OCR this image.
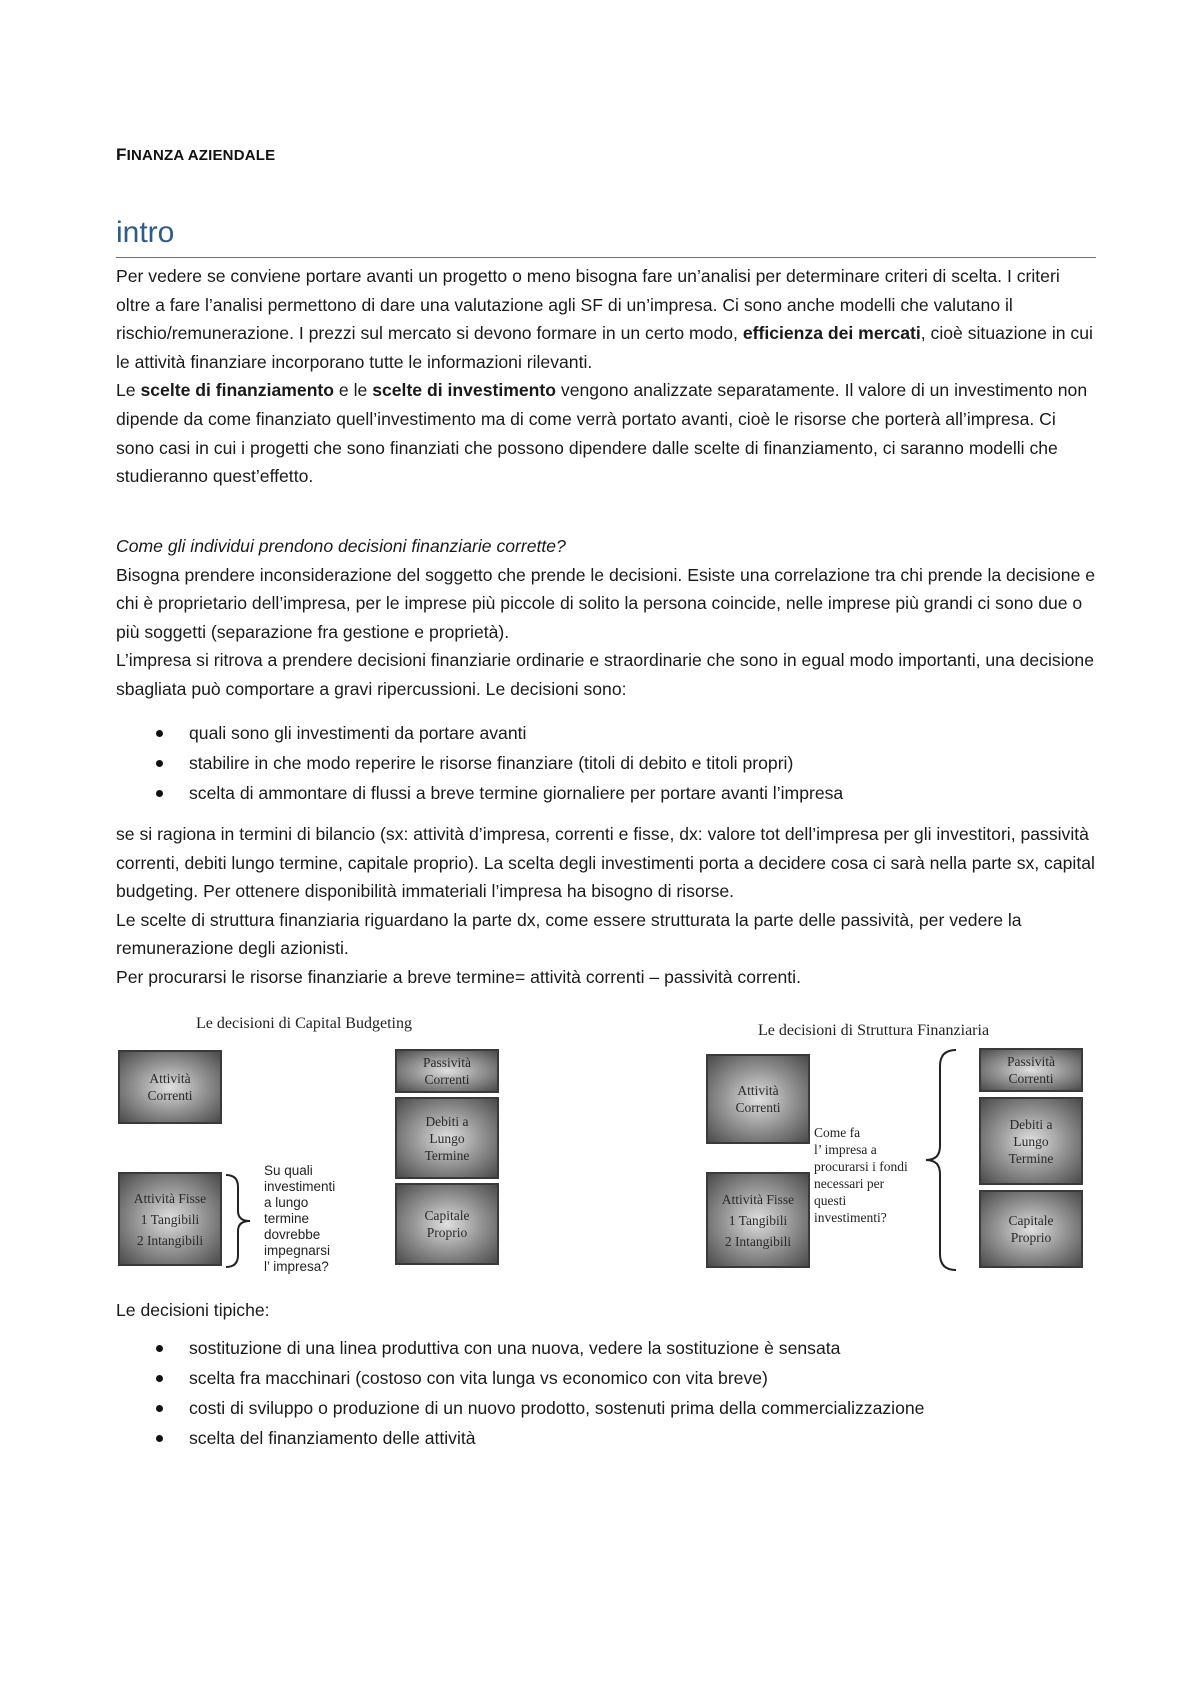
FINANZA AZIENDALE
intro

Per vedere se conviene portare avanti un progetto o meno bisogna fare un’analisi per determinare criteri di scelta. I criteri oltre a fare l’analisi permettono di dare una valutazione agli SF di un’impresa. Ci sono anche modelli che valutano il rischio/remunerazione. I prezzi sul mercato si devono formare in un certo modo, efficienza dei mercati, cioè situazione in cui le attività finanziare incorporano tutte le informazioni rilevanti.

Le scelte di finanziamento e le scelte di investimento vengono analizzate separatamente. Il valore di un investimento non dipende da come finanziato quell’investimento ma di come verrà portato avanti, cioè le risorse che porterà all’impresa. Ci sono casi in cui i progetti che sono finanziati che possono dipendere dalle scelte di finanziamento, ci saranno modelli che studieranno quest’effetto.

Come gli individui prendono decisioni finanziarie corrette?

Bisogna prendere inconsiderazione del soggetto che prende le decisioni. Esiste una correlazione tra chi prende la decisione e chi è proprietario dell’impresa, per le imprese più piccole di solito la persona coincide, nelle imprese più grandi ci sono due o più soggetti (separazione fra gestione e proprietà).

L’impresa si ritrova a prendere decisioni finanziarie ordinarie e straordinarie che sono in egual modo importanti, una decisione sbagliata può comportare a gravi ripercussioni. Le decisioni sono:

quali sono gli investimenti da portare avanti
stabilire in che modo reperire le risorse finanziare (titoli di debito e titoli propri)
scelta di ammontare di flussi a breve termine giornaliere per portare avanti l’impresa

se si ragiona in termini di bilancio (sx: attività d’impresa, correnti e fisse, dx: valore tot dell’impresa per gli investitori, passività correnti, debiti lungo termine, capitale proprio). La scelta degli investimenti porta a decidere cosa ci sarà nella parte sx, capital budgeting. Per ottenere disponibilità immateriali l’impresa ha bisogno di risorse.

Le scelte di struttura finanziaria riguardano la parte dx, come essere strutturata la parte delle passività, per vedere la remunerazione degli azionisti.

Per procurarsi le risorse finanziarie a breve termine= attività correnti – passività correnti.

Le decisioni di Capital Budgeting
Attività
Correnti
Attività Fisse
1 Tangibili
2 Intangibili
Su quali
investimenti
a lungo
termine
dovrebbe
impegnarsi
l’ impresa?
Passività
Correnti
Debiti a
Lungo
Termine
Capitale
Proprio
Le decisioni di Struttura Finanziaria
Attività
Correnti
Attività Fisse
1 Tangibili
2 Intangibili
Come fa
l’ impresa a
procurarsi i fondi
necessari per
questi
investimenti?
Passività
Correnti
Debiti a
Lungo
Termine
Capitale
Proprio

Le decisioni tipiche:

sostituzione di una linea produttiva con una nuova, vedere la sostituzione è sensata
scelta fra macchinari (costoso con vita lunga vs economico con vita breve)
costi di sviluppo o produzione di un nuovo prodotto, sostenuti prima della commercializzazione
scelta del finanziamento delle attività
